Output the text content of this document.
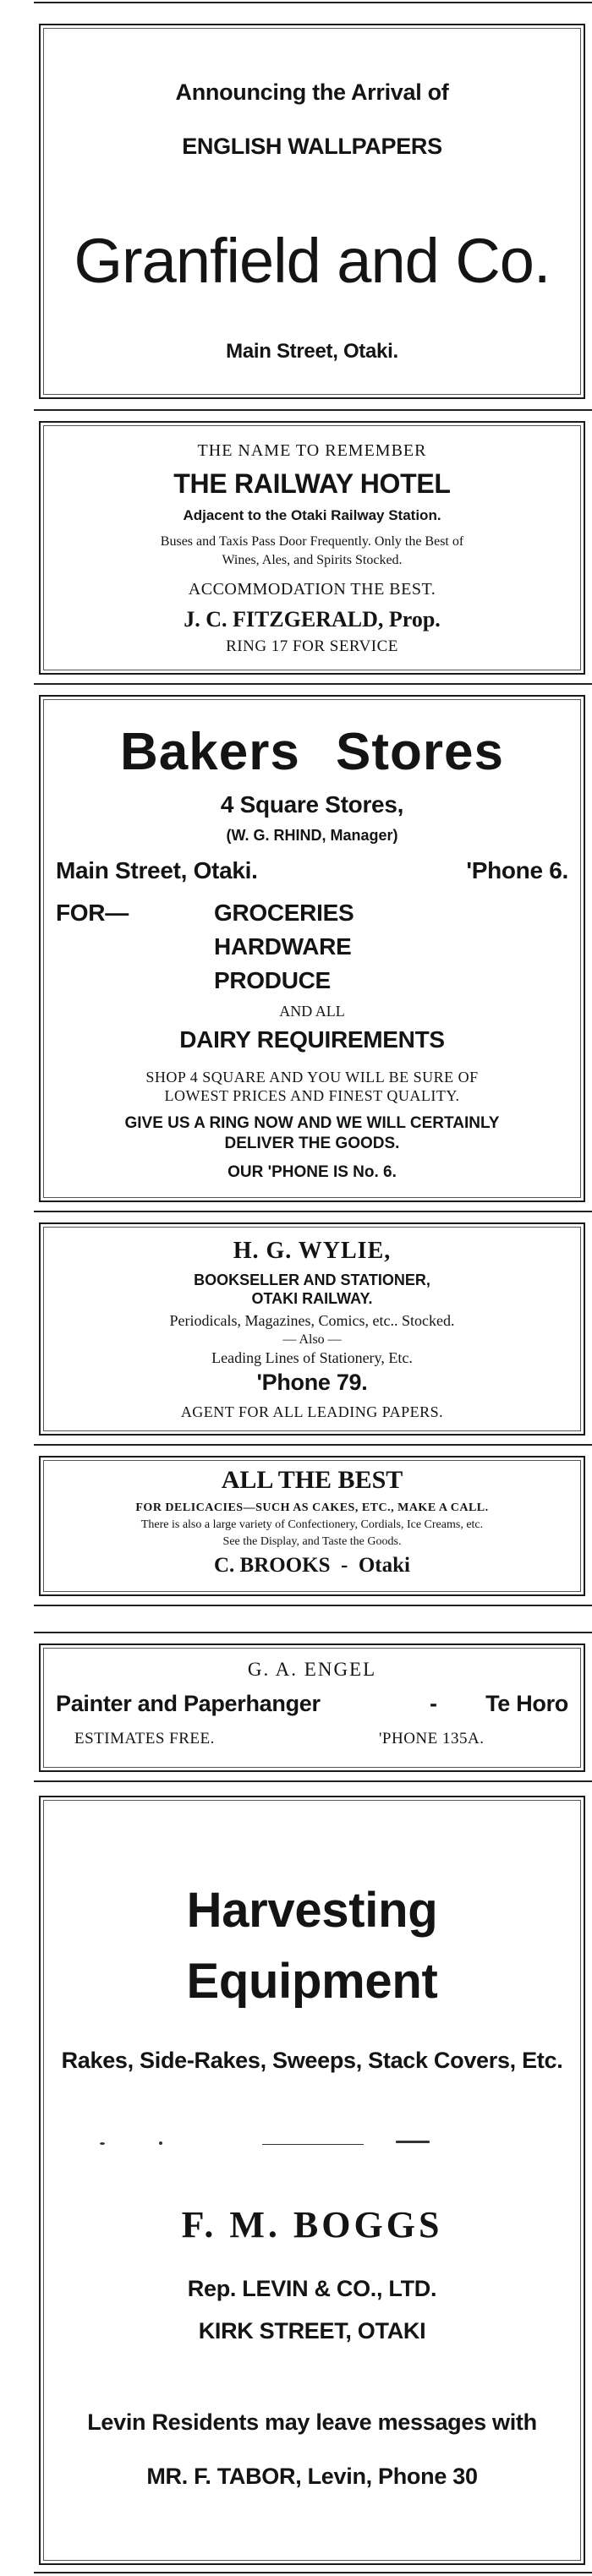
Announcing the Arrival of
ENGLISH WALLPAPERS
Granfield and Co.
Main Street, Otaki.
THE NAME TO REMEMBER
THE RAILWAY HOTEL
Adjacent to the Otaki Railway Station.
Buses and Taxis Pass Door Frequently. Only the Best of
Wines, Ales, and Spirits Stocked.
ACCOMMODATION THE BEST.
J. C. FITZGERALD, Prop.
RING 17 FOR SERVICE
Bakers Stores
4 Square Stores,
(W. G. RHIND, Manager)
Main Street, Otaki.	'Phone 6.
FOR—	GROCERIES
HARDWARE
PRODUCE
AND ALL
DAIRY REQUIREMENTS
SHOP 4 SQUARE AND YOU WILL BE SURE OF
LOWEST PRICES AND FINEST QUALITY.
GIVE US A RING NOW AND WE WILL CERTAINLY
DELIVER THE GOODS.
OUR 'PHONE IS No. 6.
H. G. WYLIE,
BOOKSELLER AND STATIONER,
OTAKI RAILWAY.
Periodicals, Magazines, Comics, etc.. Stocked.
— Also —
Leading Lines of Stationery, Etc.
'Phone 79.
AGENT FOR ALL LEADING PAPERS.
ALL THE BEST
FOR DELICACIES—SUCH AS CAKES, ETC., MAKE A CALL.
There is also a large variety of Confectionery, Cordials, Ice Creams, etc.
See the Display, and Taste the Goods.
C. BROOKS  -  Otaki
G. A. ENGEL
Painter and Paperhanger	- Te Horo
ESTIMATES FREE.	'PHONE 135A.
Harvesting
Equipment
Rakes, Side-Rakes, Sweeps, Stack Covers, Etc.
F. M. BOGGS
Rep. LEVIN & CO., LTD.
KIRK STREET, OTAKI
Levin Residents may leave messages with
MR. F. TABOR, Levin, Phone 30
